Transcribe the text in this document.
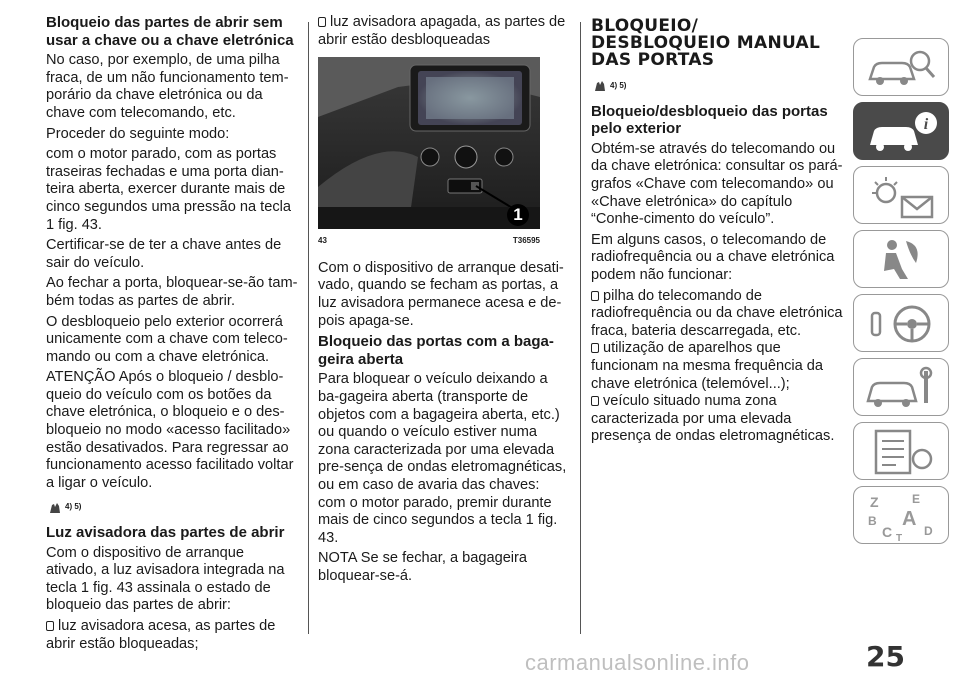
Bloqueio das partes de abrir sem usar a chave ou a chave eletrónica

No caso, por exemplo, de uma pilha fraca, de um não funcionamento tem-porário da chave eletrónica ou da chave com telecomando, etc.

Proceder do seguinte modo:

com o motor parado, com as portas traseiras fechadas e uma porta dian-teira aberta, exercer durante mais de cinco segundos uma pressão na tecla 1 fig. 43.

Certificar-se de ter a chave antes de sair do veículo.

Ao fechar a porta, bloquear-se-ão tam-bém todas as partes de abrir.

O desbloqueio pelo exterior ocorrerá unicamente com a chave com teleco-mando ou com a chave eletrónica.

ATENÇÃO Após o bloqueio / desblo-queio do veículo com os botões da chave eletrónica, o bloqueio e o des-bloqueio no modo «acesso facilitado» estão desativados. Para regressar ao funcionamento acesso facilitado voltar a ligar o veículo.

4) 5)
Luz avisadora das partes de abrir

Com o dispositivo de arranque ativado, a luz avisadora integrada na tecla 1 fig. 43 assinala o estado de bloqueio das partes de abrir:

luz avisadora acesa, as partes de abrir estão bloqueadas;
luz avisadora apagada, as partes de abrir estão desbloqueadas
1
43	T36595

Com o dispositivo de arranque desati-vado, quando se fecham as portas, a luz avisadora permanece acesa e de-pois apaga-se.

Bloqueio das portas com a baga-geira aberta

Para bloquear o veículo deixando a ba-gageira aberta (transporte de objetos com a bagageira aberta, etc.) ou quando o veículo estiver numa zona caracterizada por uma elevada pre-sença de ondas eletromagnéticas, ou em caso de avaria das chaves: com o motor parado, premir durante mais de cinco segundos a tecla 1 fig. 43.

NOTA Se se fechar, a bagageira bloquear-se-á.

BLOQUEIO/ DESBLOQUEIO MANUAL DAS PORTAS
4) 5)
Bloqueio/desbloqueio das portas pelo exterior

Obtém-se através do telecomando ou da chave eletrónica: consultar os pará-grafos «Chave com telecomando» ou «Chave eletrónica» do capítulo “Conhe-cimento do veículo”.

Em alguns casos, o telecomando de radiofrequência ou a chave eletrónica podem não funcionar:

pilha do telecomando de radiofrequência ou da chave eletrónica fraca, bateria descarregada, etc.
utilização de aparelhos que funcionam na mesma frequência da chave eletrónica (telemóvel...);
veículo situado numa zona caracterizada por uma elevada presença de ondas eletromagnéticas.
i
Z	E
B A
C	D
T
25
carmanualsonline.info
